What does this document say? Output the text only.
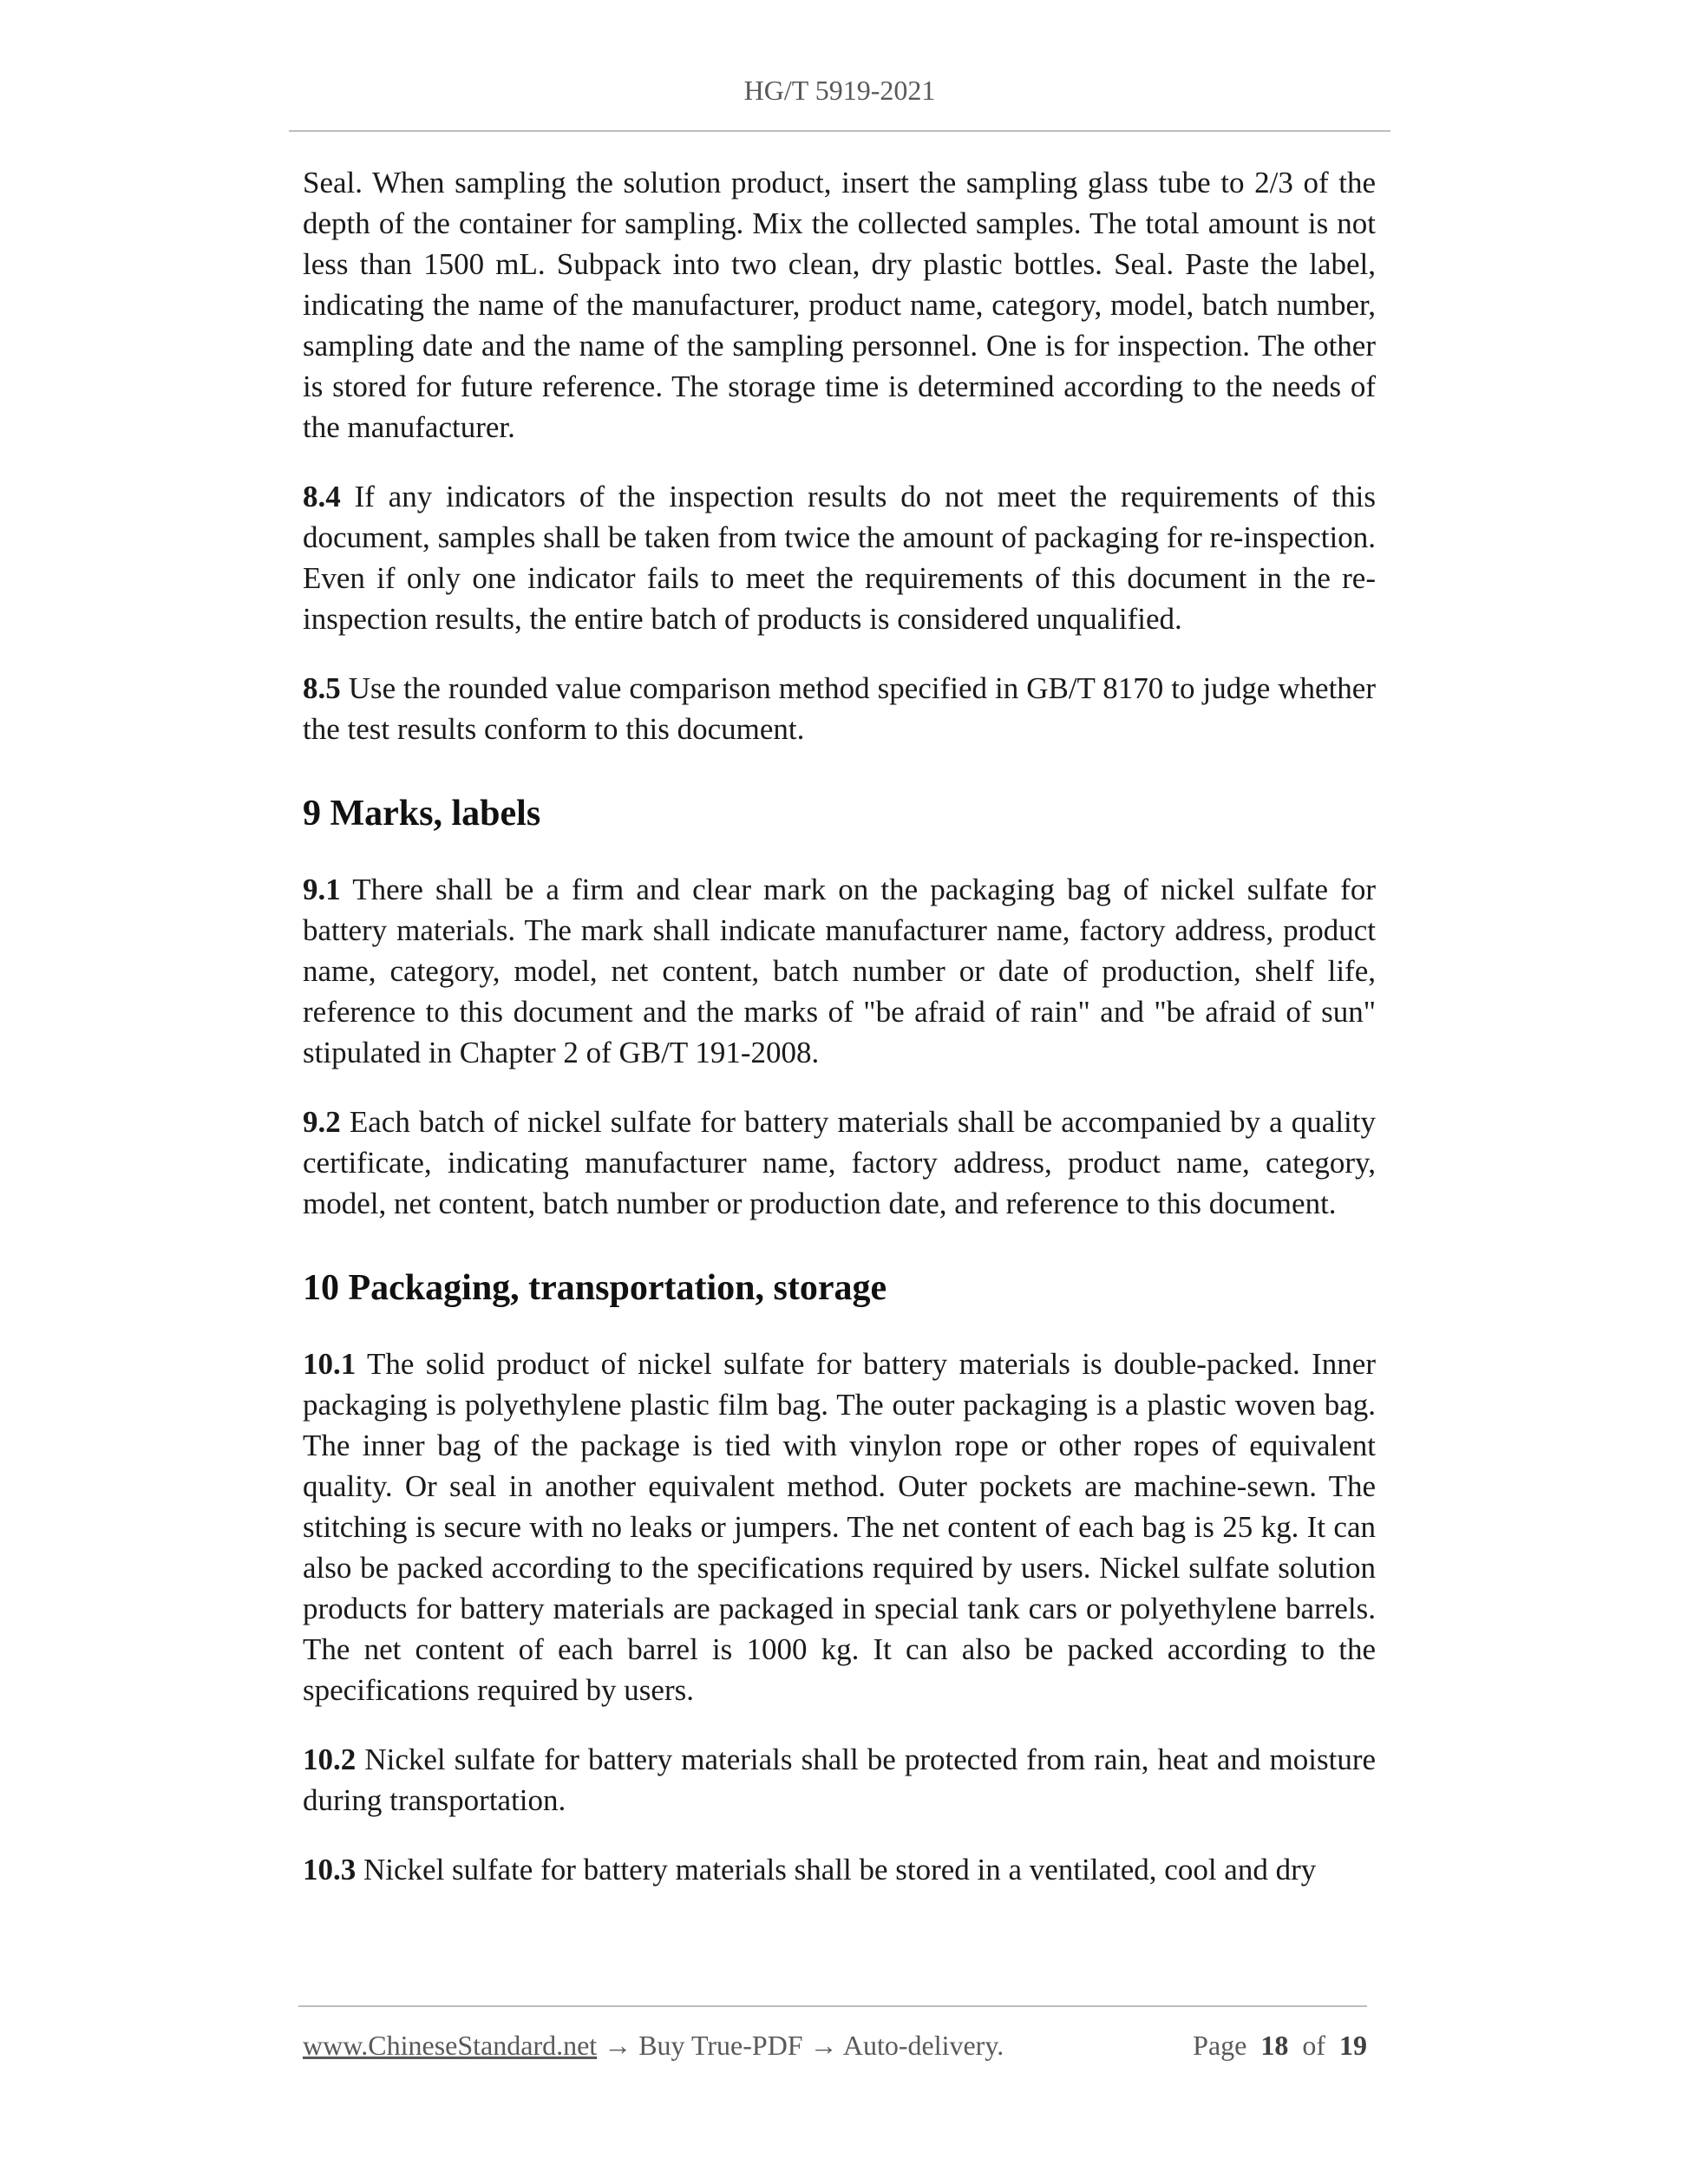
HG/T 5919-2021

Seal. When sampling the solution product, insert the sampling glass tube to 2/3 of the depth of the container for sampling. Mix the collected samples. The total amount is not less than 1500 mL. Subpack into two clean, dry plastic bottles. Seal. Paste the label, indicating the name of the manufacturer, product name, category, model, batch number, sampling date and the name of the sampling personnel. One is for inspection. The other is stored for future reference. The storage time is determined according to the needs of the manufacturer.

8.4 If any indicators of the inspection results do not meet the requirements of this document, samples shall be taken from twice the amount of packaging for re-inspection. Even if only one indicator fails to meet the requirements of this document in the re-inspection results, the entire batch of products is considered unqualified.

8.5 Use the rounded value comparison method specified in GB/T 8170 to judge whether the test results conform to this document.

9 Marks, labels

9.1 There shall be a firm and clear mark on the packaging bag of nickel sulfate for battery materials. The mark shall indicate manufacturer name, factory address, product name, category, model, net content, batch number or date of production, shelf life, reference to this document and the marks of "be afraid of rain" and "be afraid of sun" stipulated in Chapter 2 of GB/T 191-2008.

9.2 Each batch of nickel sulfate for battery materials shall be accompanied by a quality certificate, indicating manufacturer name, factory address, product name, category, model, net content, batch number or production date, and reference to this document.

10 Packaging, transportation, storage

10.1 The solid product of nickel sulfate for battery materials is double-packed. Inner packaging is polyethylene plastic film bag. The outer packaging is a plastic woven bag. The inner bag of the package is tied with vinylon rope or other ropes of equivalent quality. Or seal in another equivalent method. Outer pockets are machine-sewn. The stitching is secure with no leaks or jumpers. The net content of each bag is 25 kg. It can also be packed according to the specifications required by users. Nickel sulfate solution products for battery materials are packaged in special tank cars or polyethylene barrels. The net content of each barrel is 1000 kg. It can also be packed according to the specifications required by users.

10.2 Nickel sulfate for battery materials shall be protected from rain, heat and moisture during transportation.

10.3 Nickel sulfate for battery materials shall be stored in a ventilated, cool and dry

www.ChineseStandard.net → Buy True-PDF → Auto-delivery.	Page 18 of 19
